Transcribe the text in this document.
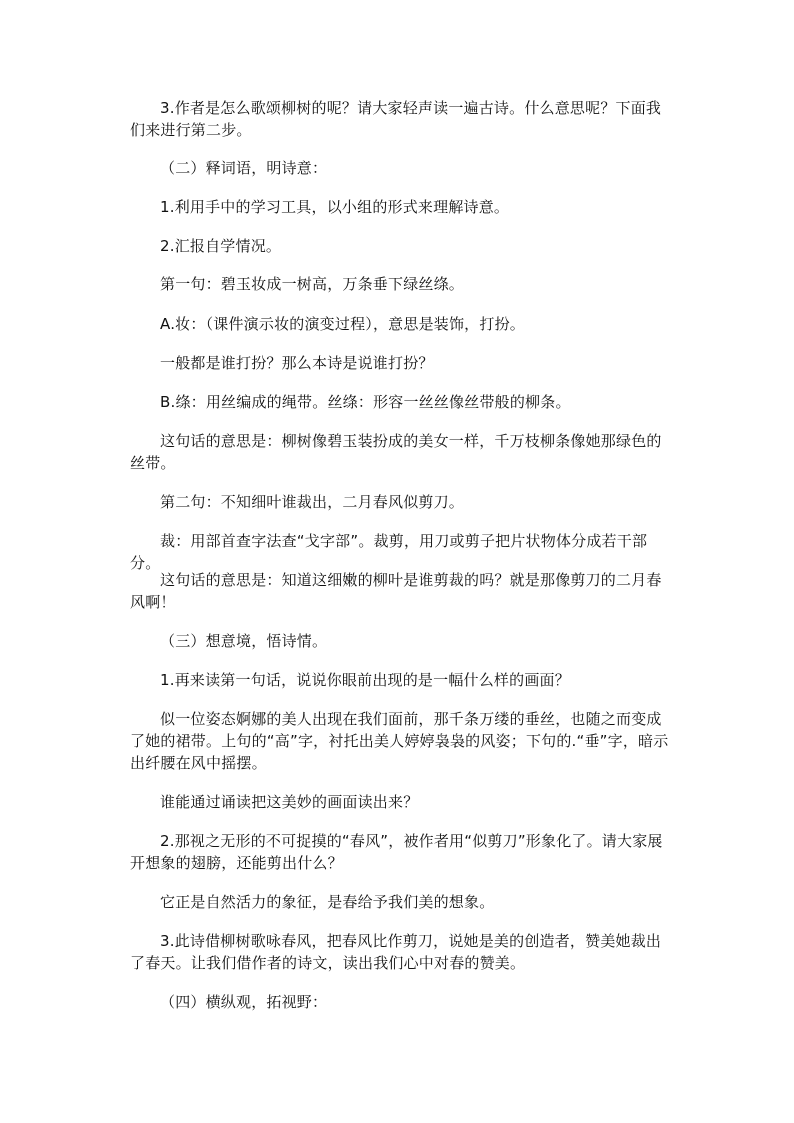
3.作者是怎么歌颂柳树的呢？请大家轻声读一遍古诗。什么意思呢？下面我们来进行第二步。

（二）释词语，明诗意：

1.利用手中的学习工具，以小组的形式来理解诗意。

2.汇报自学情况。

第一句：碧玉妆成一树高，万条垂下绿丝绦。

A.妆：（课件演示妆的演变过程），意思是装饰，打扮。

一般都是谁打扮？那么本诗是说谁打扮？

B.绦：用丝编成的绳带。丝绦：形容一丝丝像丝带般的柳条。

这句话的意思是：柳树像碧玉装扮成的美女一样，千万枝柳条像她那绿色的丝带。

第二句：不知细叶谁裁出，二月春风似剪刀。

裁：用部首查字法查“戈字部”。裁剪，用刀或剪子把片状物体分成若干部分。

这句话的意思是：知道这细嫩的柳叶是谁剪裁的吗？就是那像剪刀的二月春风啊！

（三）想意境，悟诗情。

1.再来读第一句话，说说你眼前出现的是一幅什么样的画面？

似一位姿态婀娜的美人出现在我们面前，那千条万缕的垂丝，也随之而变成了她的裙带。上句的“高”字，衬托出美人婷婷袅袅的风姿；下句的.“垂”字，暗示出纤腰在风中摇摆。

谁能通过诵读把这美妙的画面读出来？

2.那视之无形的不可捉摸的“春风”，被作者用“似剪刀”形象化了。请大家展开想象的翅膀，还能剪出什么？

它正是自然活力的象征，是春给予我们美的想象。

3.此诗借柳树歌咏春风，把春风比作剪刀，说她是美的创造者，赞美她裁出了春天。让我们借作者的诗文，读出我们心中对春的赞美。

（四）横纵观，拓视野：
